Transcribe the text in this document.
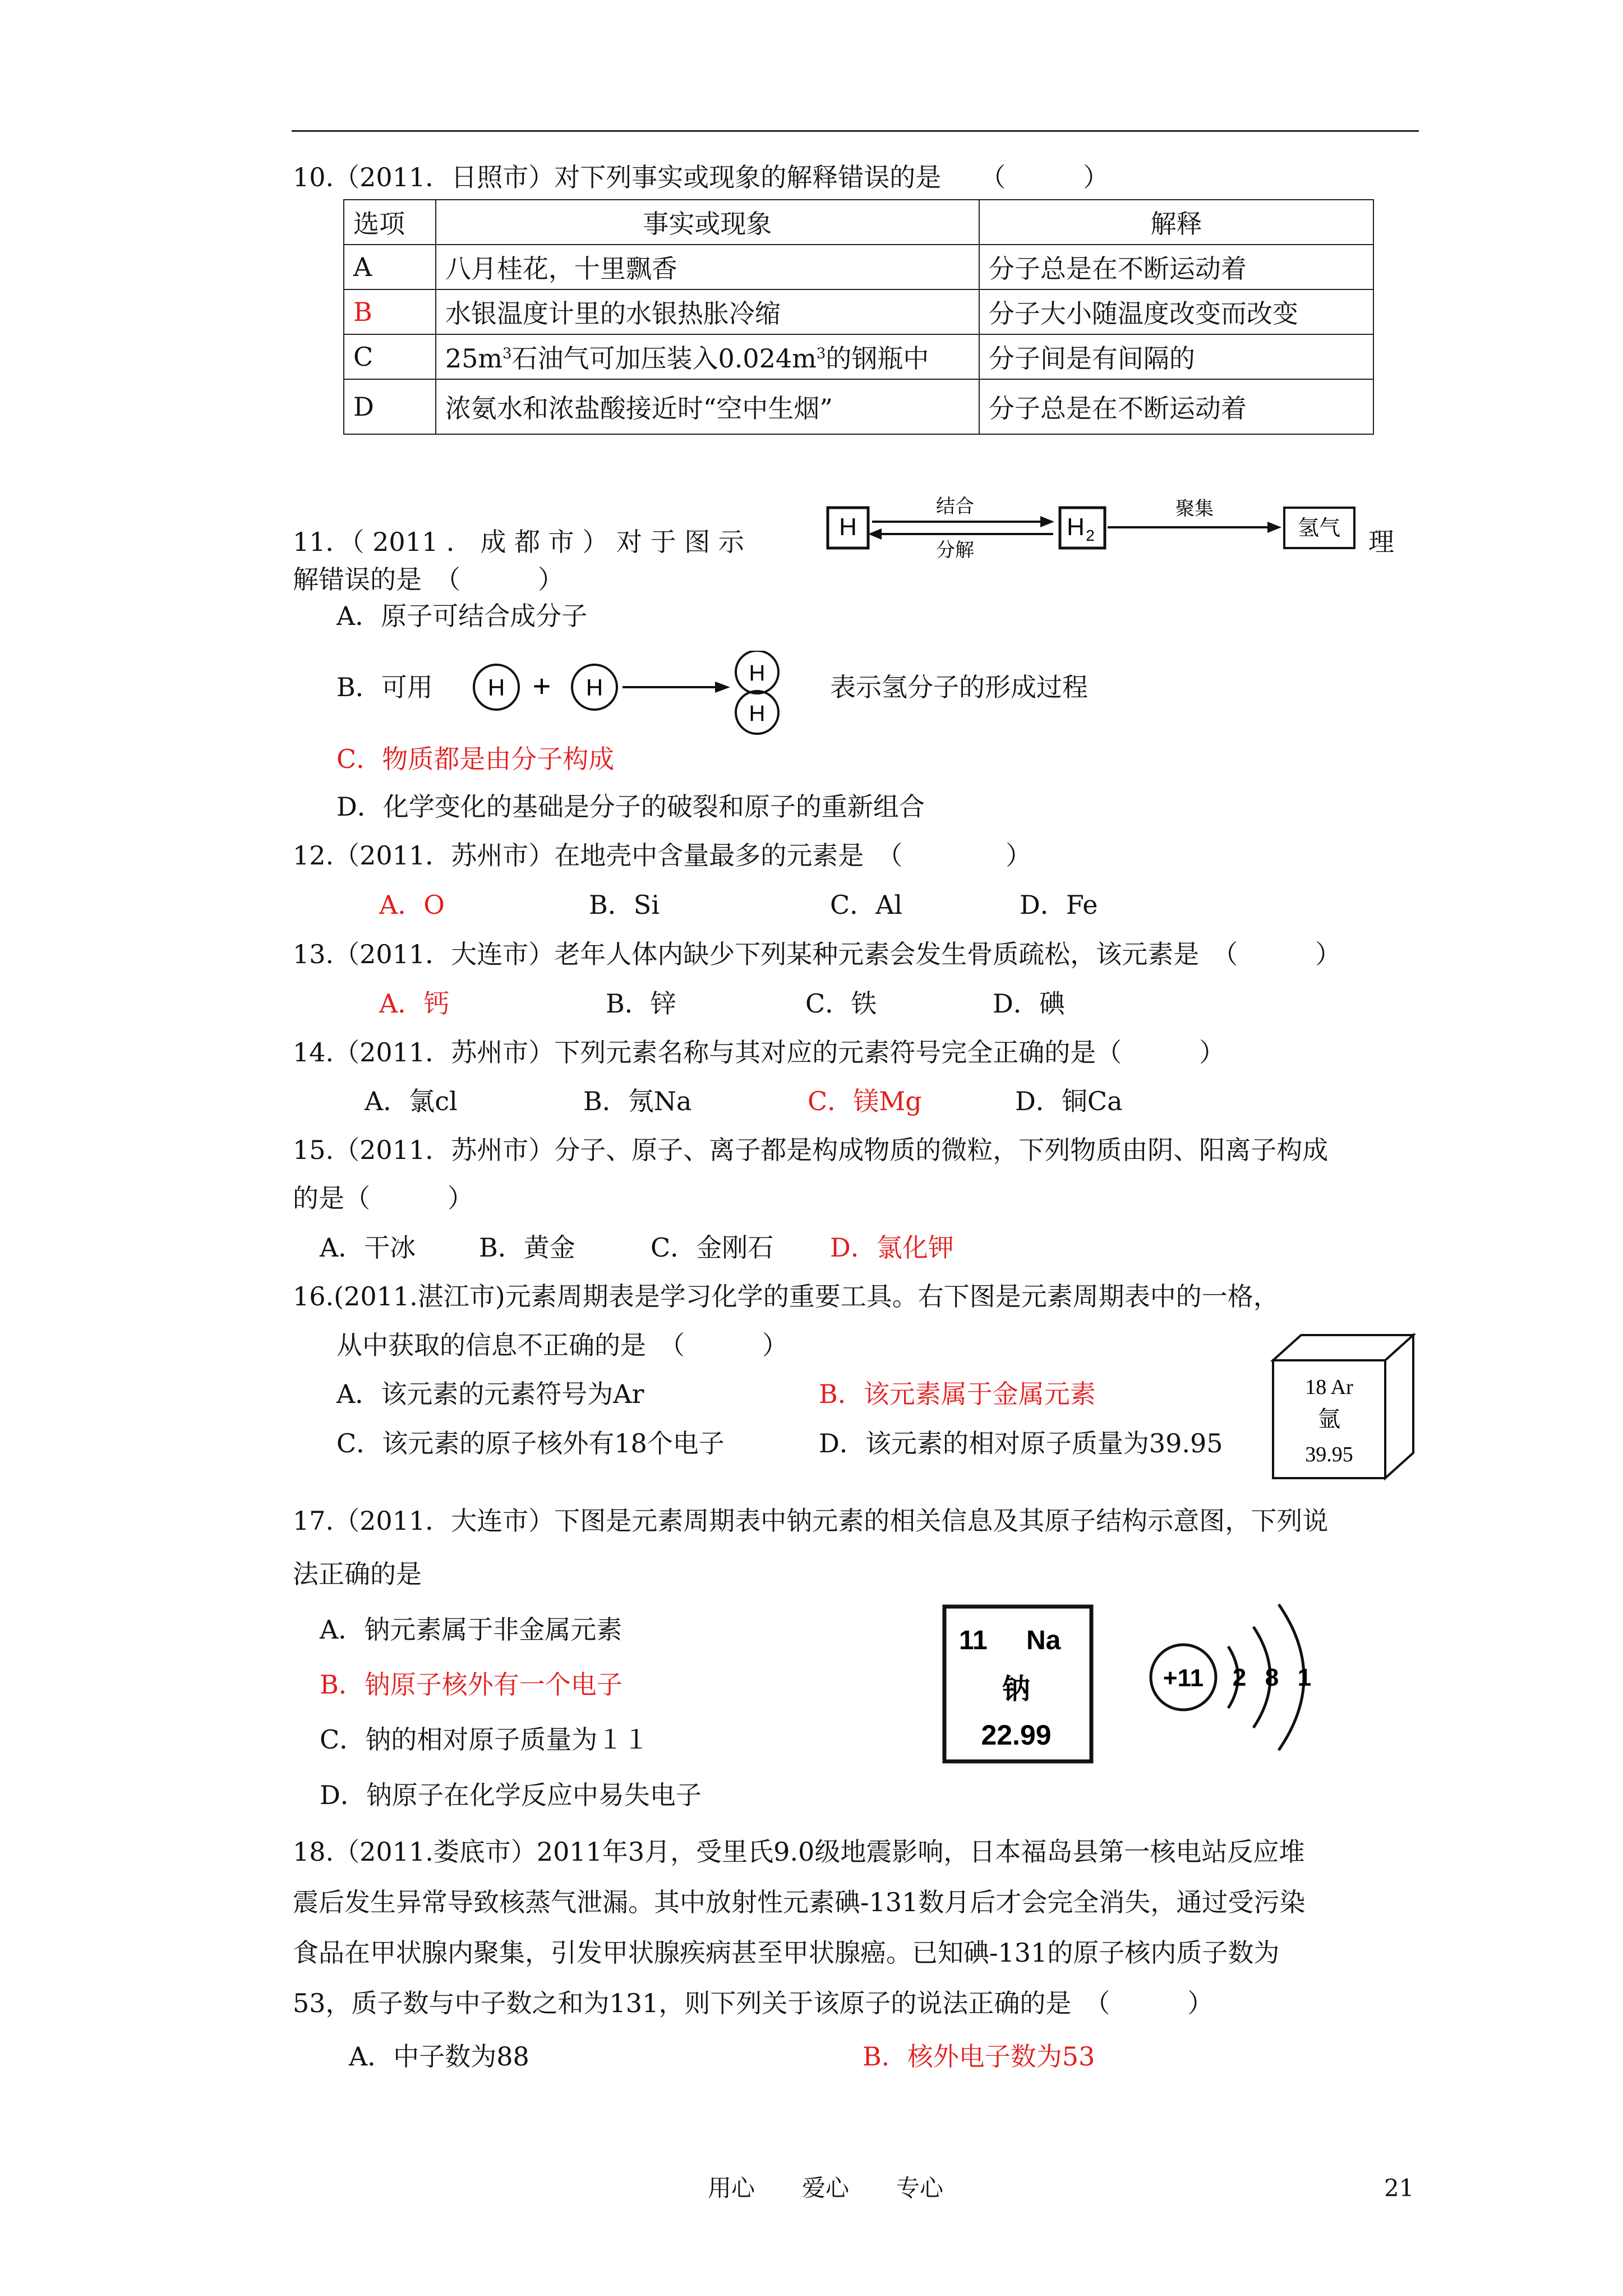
10.（2011．日照市）对下列事实或现象的解释错误的是　　（　　　）
选项	事实或现象	解释
A	八月桂花，十里飘香	分子总是在不断运动着
B	水银温度计里的水银热胀冷缩	分子大小随温度改变而改变
C	$25m^3$石油气可加压装入$0.024m^3$的钢瓶中	分子间是有间隔的
D	浓氨水和浓盐酸接近时“空中生烟”	分子总是在不断运动着
11．（ 2011 ． 成 都 市 ） 对 于 图 示	理
解错误的是　（　　　）
H
结合
分解
H 2
聚集
氢气
A．原子可结合成分子
B．可用 H + H
H
H
表示氢分子的形成过程
C．物质都是由分子构成
D．化学变化的基础是分子的破裂和原子的重新组合
12.（2011．苏州市）在地壳中含量最多的元素是　（　　　　）
A．O	B．Si	C．Al	D．Fe
13.（2011．大连市）老年人体内缺少下列某种元素会发生骨质疏松，该元素是　（　　　）
A．钙	B．锌	C．铁	D．碘
14.（2011．苏州市）下列元素名称与其对应的元素符号完全正确的是（　　　）
A．氯cl	B．氖Na	C．镁Mg	D．铜Ca
15.（2011．苏州市）分子、原子、离子都是构成物质的微粒，下列物质由阴、阳离子构成
的是（　　　）
A．干冰 B．黄金	C．金刚石 D．氯化钾
16.(2011.湛江市)元素周期表是学习化学的重要工具。右下图是元素周期表中的一格，
从中获取的信息不正确的是　（　　　）
A．该元素的元素符号为Ar	B．该元素属于金属元素
C．该元素的原子核外有18个电子	D．该元素的相对原子质量为39.95
18 Ar
氩
39.95
17.（2011．大连市）下图是元素周期表中钠元素的相关信息及其原子结构示意图，下列说
法正确的是
A．钠元素属于非金属元素
B．钠原子核外有一个电子
C．钠的相对原子质量为１１
D．钠原子在化学反应中易失电子
11 Na
钠
22.99
+11 2 8 1
18.（2011.娄底市）2011年3月，受里氏9.0级地震影响，日本福岛县第一核电站反应堆
震后发生异常导致核蒸气泄漏。其中放射性元素碘-131数月后才会完全消失，通过受污染
食品在甲状腺内聚集，引发甲状腺疾病甚至甲状腺癌。已知碘-131的原子核内质子数为
53，质子数与中子数之和为131，则下列关于该原子的说法正确的是　（　　　）
A．中子数为88	B．核外电子数为53
用心　　爱心　　专心	21
